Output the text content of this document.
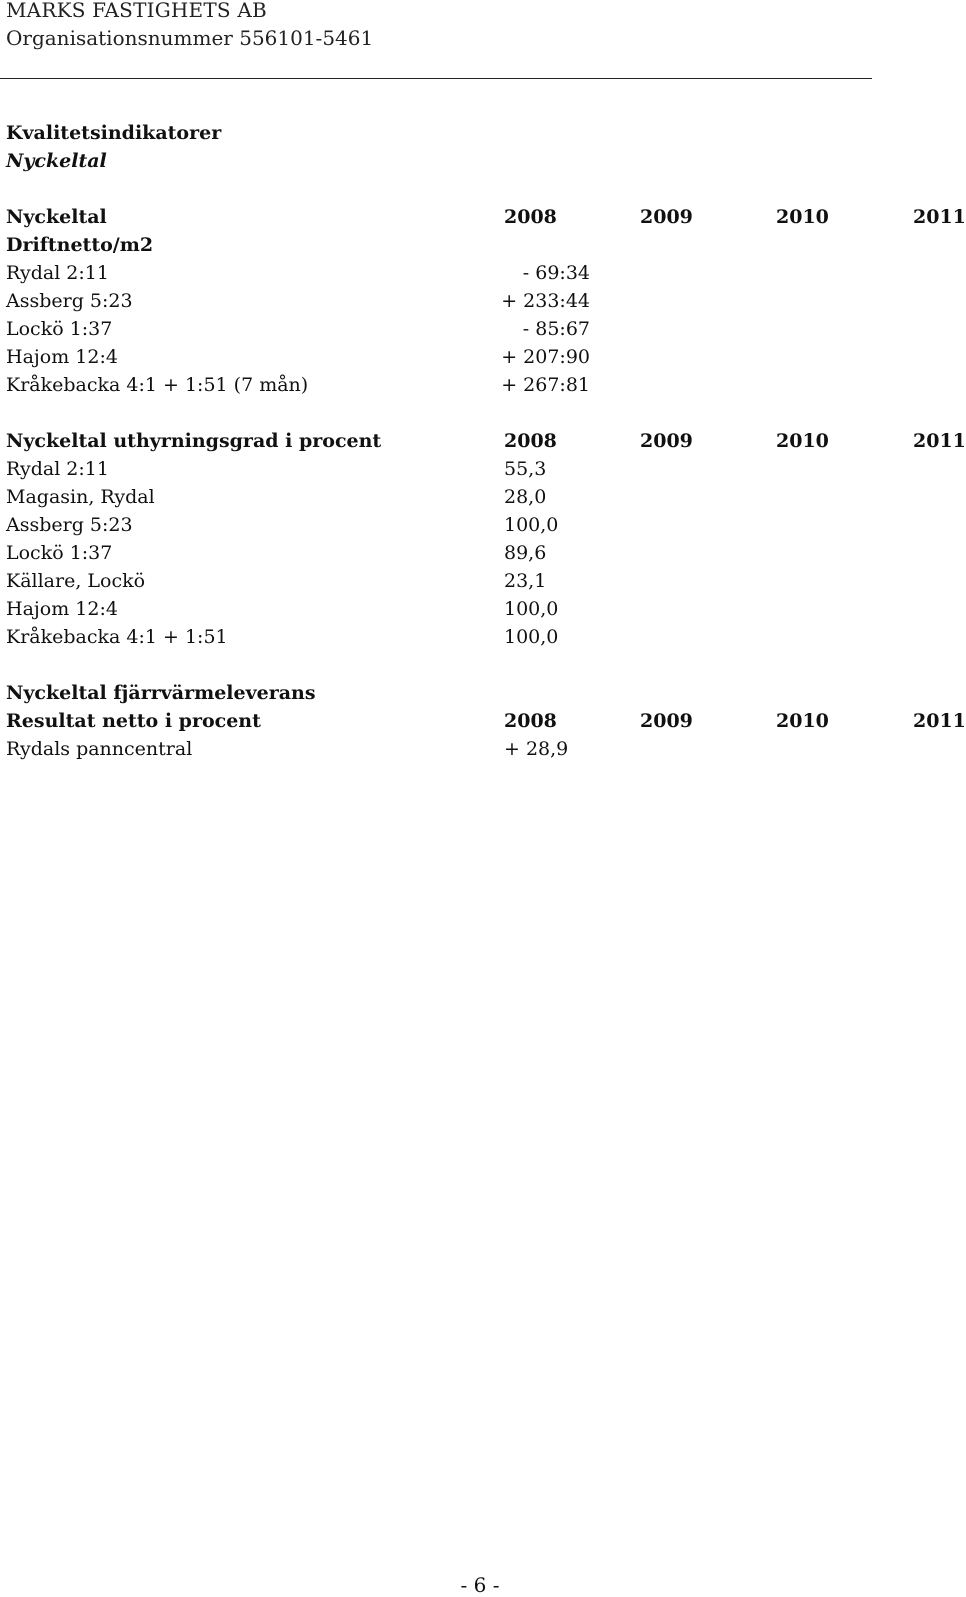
MARKS FASTIGHETS AB
Organisationsnummer 556101-5461
Kvalitetsindikatorer
Nyckeltal
Nyckeltal	2008	2009	2010	2011
Driftnetto/m2
Rydal 2:11	- 69:34
Assberg 5:23	+ 233:44
Lockö 1:37	- 85:67
Hajom 12:4	+ 207:90
Kråkebacka 4:1 + 1:51 (7 mån)	+ 267:81
Nyckeltal uthyrningsgrad i procent	2008	2009	2010	2011
Rydal 2:11	55,3
Magasin, Rydal	28,0
Assberg 5:23	100,0
Lockö 1:37	89,6
Källare, Lockö	23,1
Hajom 12:4	100,0
Kråkebacka 4:1 + 1:51	100,0
Nyckeltal fjärrvärmeleverans
Resultat netto i procent	2008	2009	2010	2011
Rydals panncentral	+ 28,9
- 6 -
